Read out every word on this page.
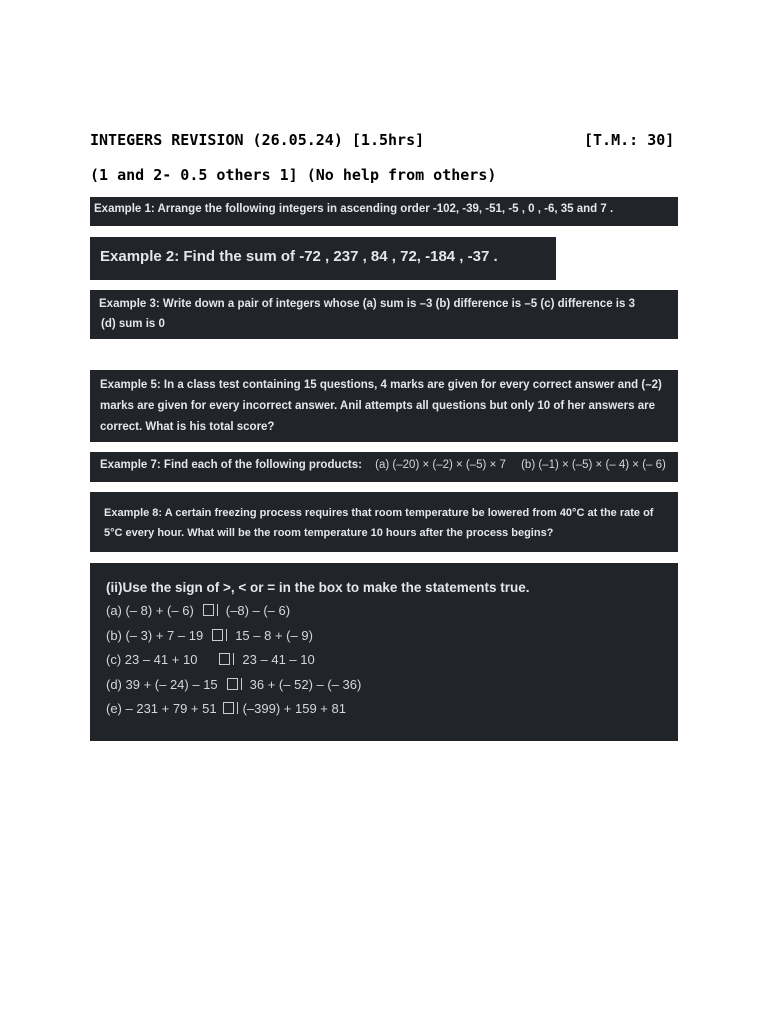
INTEGERS REVISION (26.05.24) [1.5hrs]	[T.M.: 30]
(1 and 2- 0.5 others 1] (No help from others)
Example 1: Arrange the following integers in ascending order -102, -39, -51, -5 , 0 , -6, 35 and 7 .
Example 2: Find the sum of -72 , 237 , 84 , 72, -184 , -37 .
Example 3: Write down a pair of integers whose (a) sum is –3 (b) difference is –5 (c) difference is 3
(d) sum is 0
Example 5: In a class test containing 15 questions, 4 marks are given for every correct answer and (–2)
marks are given for every incorrect answer. Anil attempts all questions but only 10 of her answers are
correct. What is his total score?
Example 7: Find each of the following products: (a) (–20) × (–2) × (–5) × 7 (b) (–1) × (–5) × (– 4) × (– 6)
Example 8: A certain freezing process requires that room temperature be lowered from 40°C at the rate of
5°C every hour. What will be the room temperature 10 hours after the process begins?
(ii)Use the sign of >, < or = in the box to make the statements true.
(a) (– 8) + (– 6) (–8) – (– 6)
(b) (– 3) + 7 – 19 15 – 8 + (– 9)
(c) 23 – 41 + 10	23 – 41 – 10
(d) 39 + (– 24) – 15 36 + (– 52) – (– 36)
(e) – 231 + 79 + 51 (–399) + 159 + 81
